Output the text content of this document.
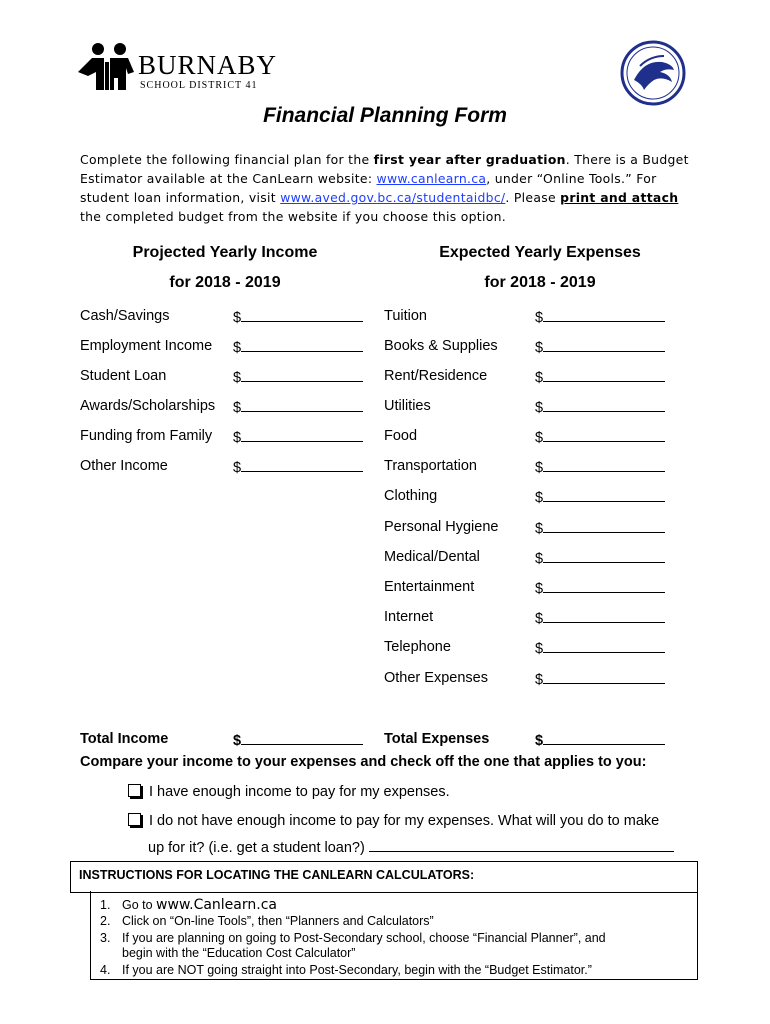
BURNABY
SCHOOL DISTRICT 41
Financial Planning Form
Complete the following financial plan for the first year after graduation. There is a Budget Estimator available at the CanLearn website: www.canlearn.ca, under “Online Tools.” For student loan information, visit www.aved.gov.bc.ca/studentaidbc/. Please print and attach the completed budget from the website if you choose this option.
Projected Yearly Income
for 2018 - 2019
Expected Yearly Expenses
for 2018 - 2019
Cash/Savings	$
Employment Income $
Student Loan	$
Awards/Scholarships $
Funding from Family $
Other Income	$
Tuition	$
Books & Supplies	$
Rent/Residence	$
Utilities	$
Food	$
Transportation	$
Clothing	$
Personal Hygiene	$
Medical/Dental	$
Entertainment	$
Internet	$
Telephone	$
Other Expenses	$
Total Income	$	Total Expenses	$
Compare your income to your expenses and check off the one that applies to you:
I have enough income to pay for my expenses.
I do not have enough income to pay for my expenses. What will you do to make
up for it? (i.e. get a student loan?)
INSTRUCTIONS FOR LOCATING THE CANLEARN CALCULATORS:
1. Go to www.Canlearn.ca
2. Click on “On-line Tools”, then “Planners and Calculators”
3. If you are planning on going to Post-Secondary school, choose “Financial Planner”, and
begin with the “Education Cost Calculator”
4. If you are NOT going straight into Post-Secondary, begin with the “Budget Estimator.”
